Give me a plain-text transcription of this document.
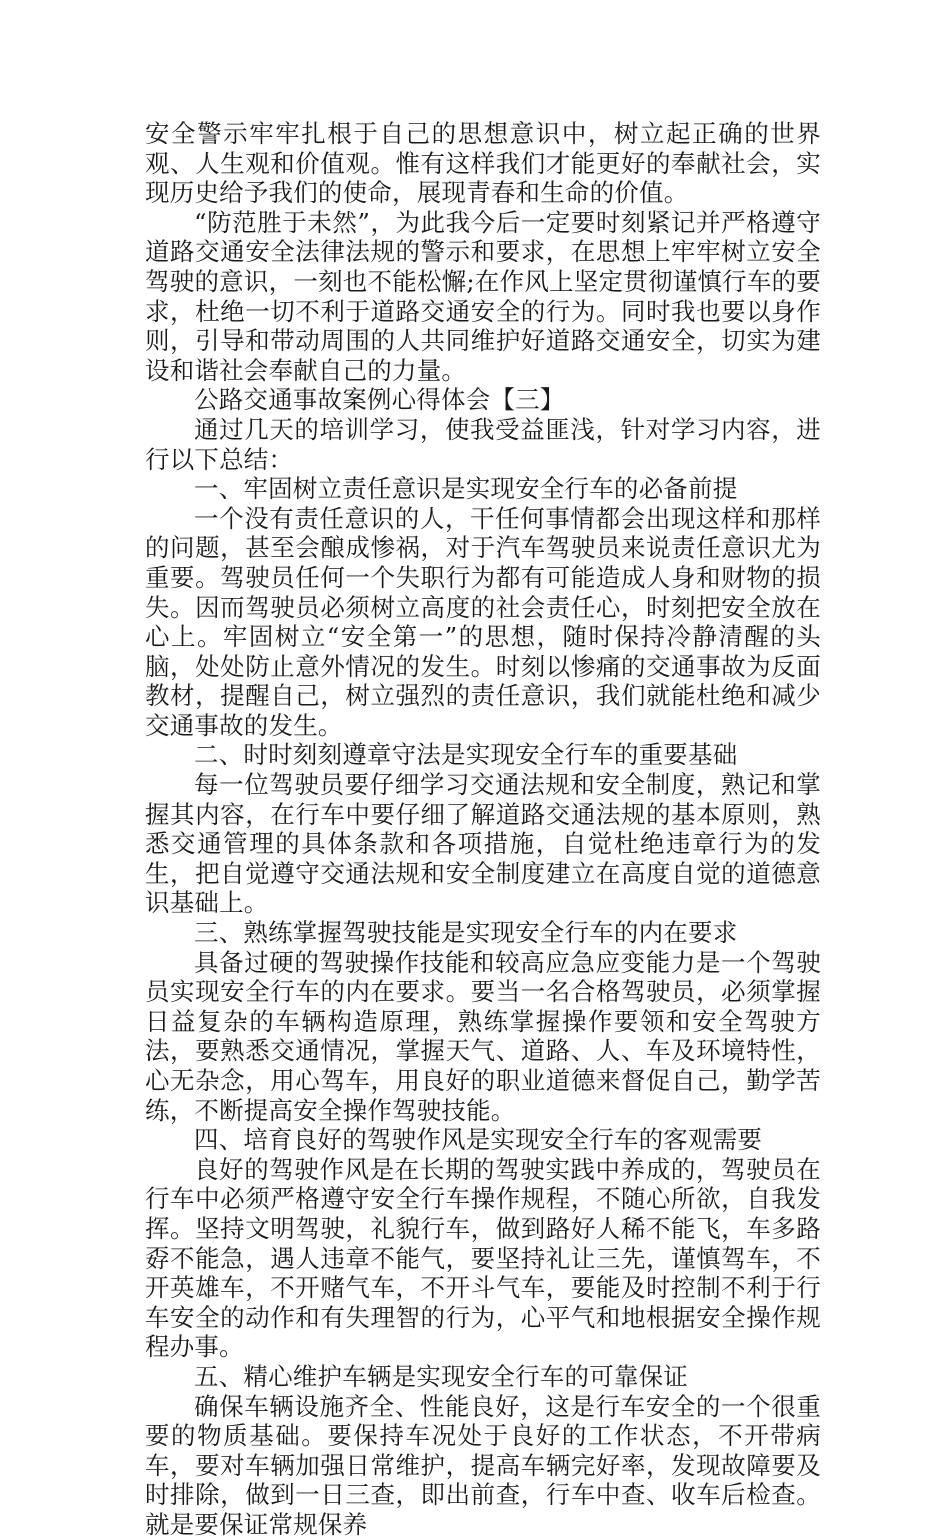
安全警示牢牢扎根于自己的思想意识中，树立起正确的世界观、人生观和价值观。惟有这样我们才能更好的奉献社会，实现历史给予我们的使命，展现青春和生命的价值。

“防范胜于未然”，为此我今后一定要时刻紧记并严格遵守道路交通安全法律法规的警示和要求，在思想上牢牢树立安全驾驶的意识，一刻也不能松懈;在作风上坚定贯彻谨慎行车的要求，杜绝一切不利于道路交通安全的行为。同时我也要以身作则，引导和带动周围的人共同维护好道路交通安全，切实为建设和谐社会奉献自己的力量。

公路交通事故案例心得体会【三】

通过几天的培训学习，使我受益匪浅，针对学习内容，进行以下总结：

一、牢固树立责任意识是实现安全行车的必备前提

一个没有责任意识的人，干任何事情都会出现这样和那样的问题，甚至会酿成惨祸，对于汽车驾驶员来说责任意识尤为重要。驾驶员任何一个失职行为都有可能造成人身和财物的损失。因而驾驶员必须树立高度的社会责任心，时刻把安全放在心上。牢固树立“安全第一”的思想，随时保持冷静清醒的头脑，处处防止意外情况的发生。时刻以惨痛的交通事故为反面教材，提醒自己，树立强烈的责任意识，我们就能杜绝和减少交通事故的发生。

二、时时刻刻遵章守法是实现安全行车的重要基础

每一位驾驶员要仔细学习交通法规和安全制度，熟记和掌握其内容，在行车中要仔细了解道路交通法规的基本原则，熟悉交通管理的具体条款和各项措施，自觉杜绝违章行为的发生，把自觉遵守交通法规和安全制度建立在高度自觉的道德意识基础上。

三、熟练掌握驾驶技能是实现安全行车的内在要求

具备过硬的驾驶操作技能和较高应急应变能力是一个驾驶员实现安全行车的内在要求。要当一名合格驾驶员，必须掌握日益复杂的车辆构造原理，熟练掌握操作要领和安全驾驶方法，要熟悉交通情况，掌握天气、道路、人、车及环境特性，心无杂念，用心驾车，用良好的职业道德来督促自己，勤学苦练，不断提高安全操作驾驶技能。

四、培育良好的驾驶作风是实现安全行车的客观需要

良好的驾驶作风是在长期的驾驶实践中养成的，驾驶员在行车中必须严格遵守安全行车操作规程，不随心所欲，自我发挥。坚持文明驾驶，礼貌行车，做到路好人稀不能飞，车多路孬不能急，遇人违章不能气，要坚持礼让三先，谨慎驾车，不开英雄车，不开赌气车，不开斗气车，要能及时控制不利于行车安全的动作和有失理智的行为，心平气和地根据安全操作规程办事。

五、精心维护车辆是实现安全行车的可靠保证

确保车辆设施齐全、性能良好，这是行车安全的一个很重要的物质基础。要保持车况处于良好的工作状态，不开带病车，要对车辆加强日常维护，提高车辆完好率，发现故障要及时排除，做到一日三查，即出前查，行车中查、收车后检查。就是要保证常规保养
